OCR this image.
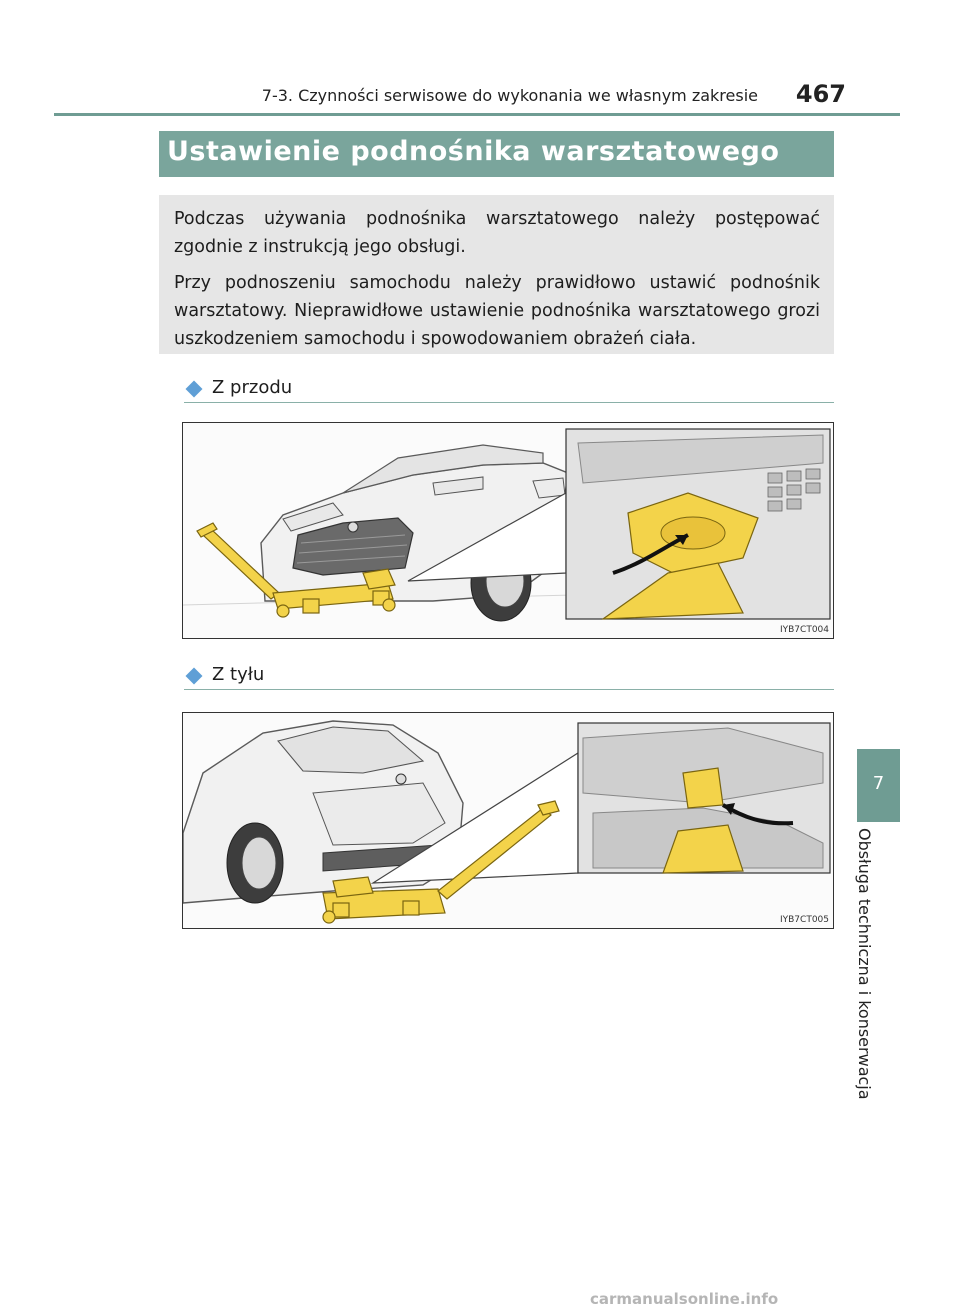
7-3. Czynności serwisowe do wykonania we własnym zakresie 467
Ustawienie podnośnika warsztatowego

Podczas używania podnośnika warsztatowego należy postępować zgodnie z instrukcją jego obsługi.

Przy podnoszeniu samochodu należy prawidłowo ustawić podnośnik warsztatowy. Nieprawidłowe ustawienie podnośnika warsztatowego grozi uszkodzeniem samochodu i spowodowaniem obrażeń ciała.

Z przodu
IYB7CT004
Z tyłu
IYB7CT005
7
Obsługa techniczna i konserwacja
carmanualsonline.info
